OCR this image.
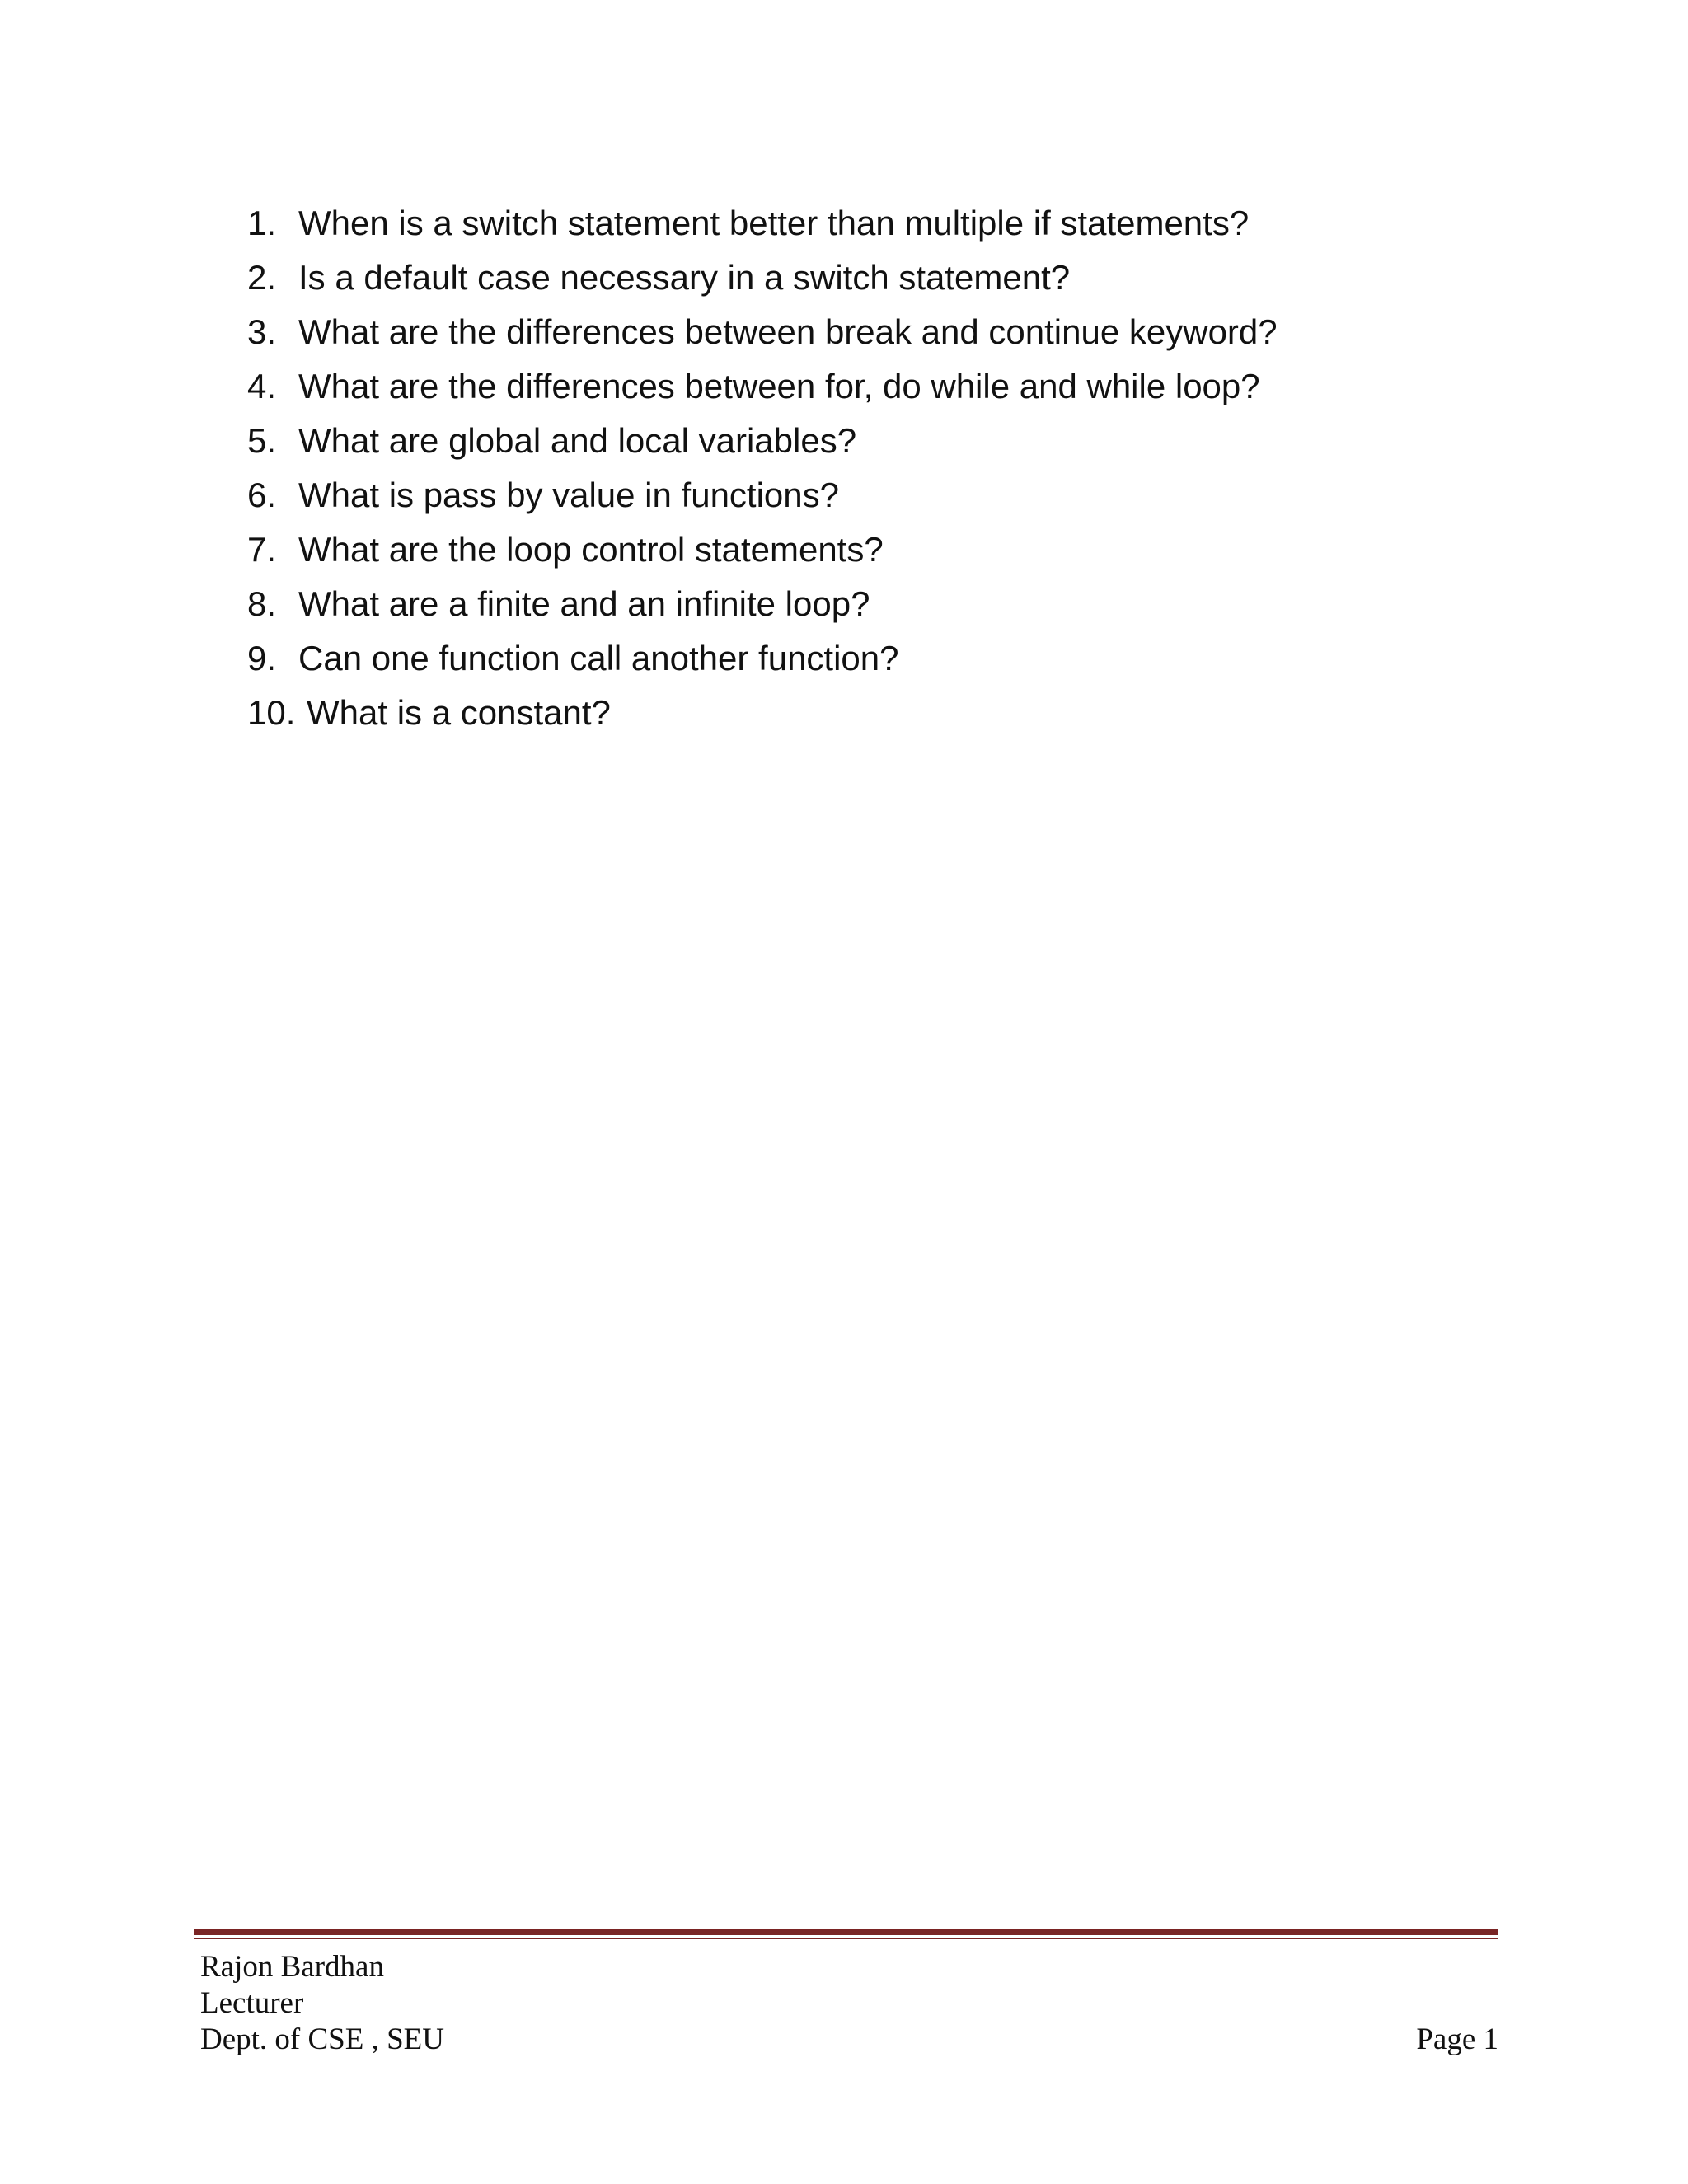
1. When is a switch statement better than multiple if statements?
2. Is a default case necessary in a switch statement?
3. What are the differences between break and continue keyword?
4. What are the differences between for, do while and while loop?
5. What are global and local variables?
6. What is pass by value in functions?
7. What are the loop control statements?
8. What are a finite and an infinite loop?
9. Can one function call another function?
10. What is a constant?
Rajon Bardhan
Lecturer
Dept. of CSE , SEU	Page 1
